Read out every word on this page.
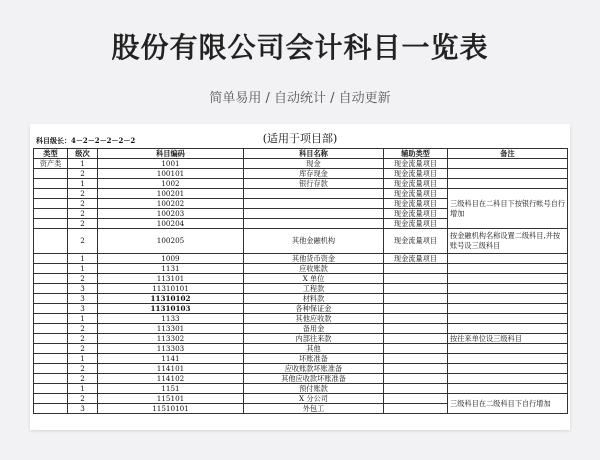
股份有限公司会计科目一览表
简单易用 / 自动统计 / 自动更新
科目级长：4－2－2－2－2－2	(适用于项目部)
类型	级次	科目编码	科目名称	辅助类型	备注
资产类	1	1001	现金	现金流量项目	
	2	100101	库存现金	现金流量项目	
	1	1002	银行存款	现金流量项目	
	2	100201		现金流量项目	三级科目在二科目下按银行帐号自行增加
	2	100202		现金流量项目	
	2	100203		现金流量项目	
	2	100204		现金流量项目	
	2	100205	其他金融机构	现金流量项目	按金融机构名称设置二级科目,并按账号设三级科目
	1	1009	其他货币资金	现金流量项目	
	1	1131	应收账款		
	2	113101	X 单位		
	3	11310101	工程款		
	3	11310102	材料款		
	3	11310103	各种保证金		
	1	1133	其他应收款		
	2	113301	备用金		
	2	113302	内部往来款		按往来单位设三级科目
	2	113303	其他		
	1	1141	坏账准备		
	2	114101	应收账款坏账准备		
	2	114102	其他应收款坏账准备		
	1	1151	预付账款		
	2	115101	X 分公司		三级科目在二级科目下自行增加
	3	11510101	外包工		
